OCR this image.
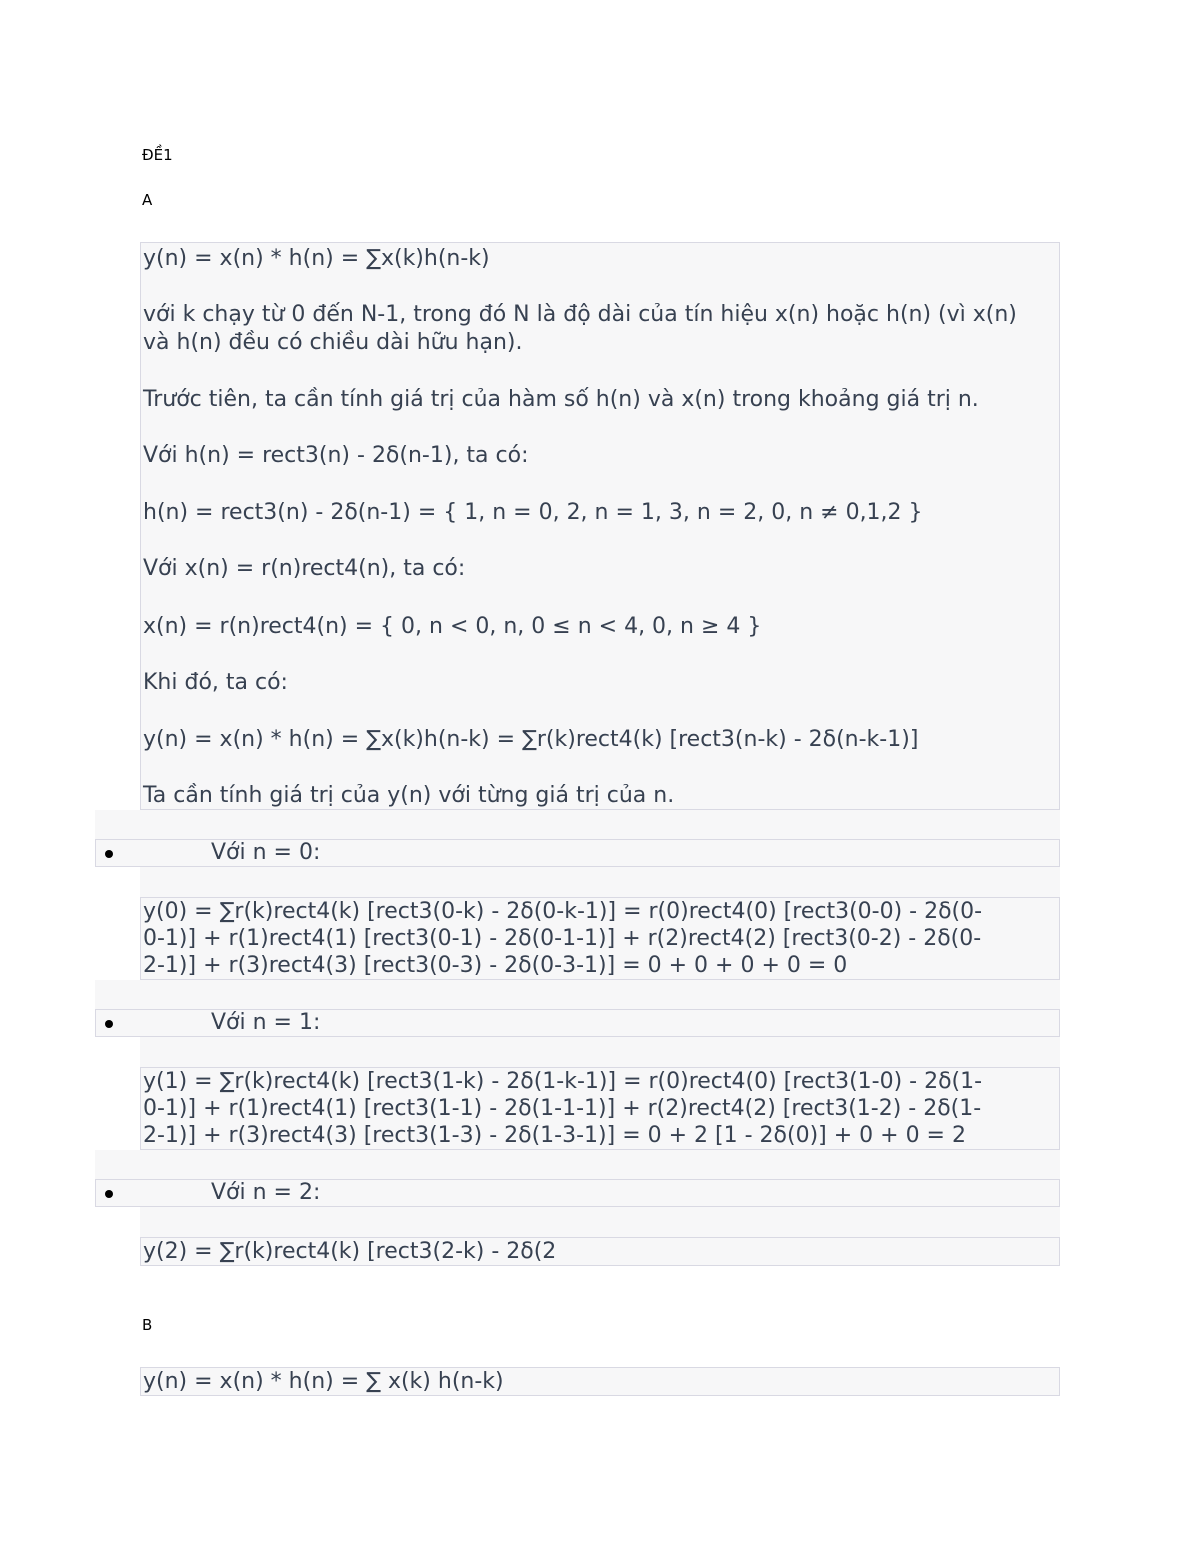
ĐỀ1

A

y(n) = x(n) * h(n) = ∑x(k)h(n-k)

với k chạy từ 0 đến N-1, trong đó N là độ dài của tín hiệu x(n) hoặc h(n) (vì x(n) và h(n) đều có chiều dài hữu hạn).

Trước tiên, ta cần tính giá trị của hàm số h(n) và x(n) trong khoảng giá trị n.

Với h(n) = rect3(n) - 2δ(n-1), ta có:

h(n) = rect3(n) - 2δ(n-1) = { 1, n = 0, 2, n = 1, 3, n = 2, 0, n ≠ 0,1,2 }

Với x(n) = r(n)rect4(n), ta có:

x(n) = r(n)rect4(n) = { 0, n < 0, n, 0 ≤ n < 4, 0, n ≥ 4 }

Khi đó, ta có:

y(n) = x(n) * h(n) = ∑x(k)h(n-k) = ∑r(k)rect4(k) [rect3(n-k) - 2δ(n-k-1)]

Ta cần tính giá trị của y(n) với từng giá trị của n.

Với n = 0:

y(0) = ∑r(k)rect4(k) [rect3(0-k) - 2δ(0-k-1)] = r(0)rect4(0) [rect3(0-0) - 2δ(0-

0-1)] + r(1)rect4(1) [rect3(0-1) - 2δ(0-1-1)] + r(2)rect4(2) [rect3(0-2) - 2δ(0-

2-1)] + r(3)rect4(3) [rect3(0-3) - 2δ(0-3-1)] = 0 + 0 + 0 + 0 = 0

Với n = 1:

y(1) = ∑r(k)rect4(k) [rect3(1-k) - 2δ(1-k-1)] = r(0)rect4(0) [rect3(1-0) - 2δ(1-

0-1)] + r(1)rect4(1) [rect3(1-1) - 2δ(1-1-1)] + r(2)rect4(2) [rect3(1-2) - 2δ(1-

2-1)] + r(3)rect4(3) [rect3(1-3) - 2δ(1-3-1)] = 0 + 2 [1 - 2δ(0)] + 0 + 0 = 2

Với n = 2:

y(2) = ∑r(k)rect4(k) [rect3(2-k) - 2δ(2

B

y(n) = x(n) * h(n) = ∑ x(k) h(n-k)
